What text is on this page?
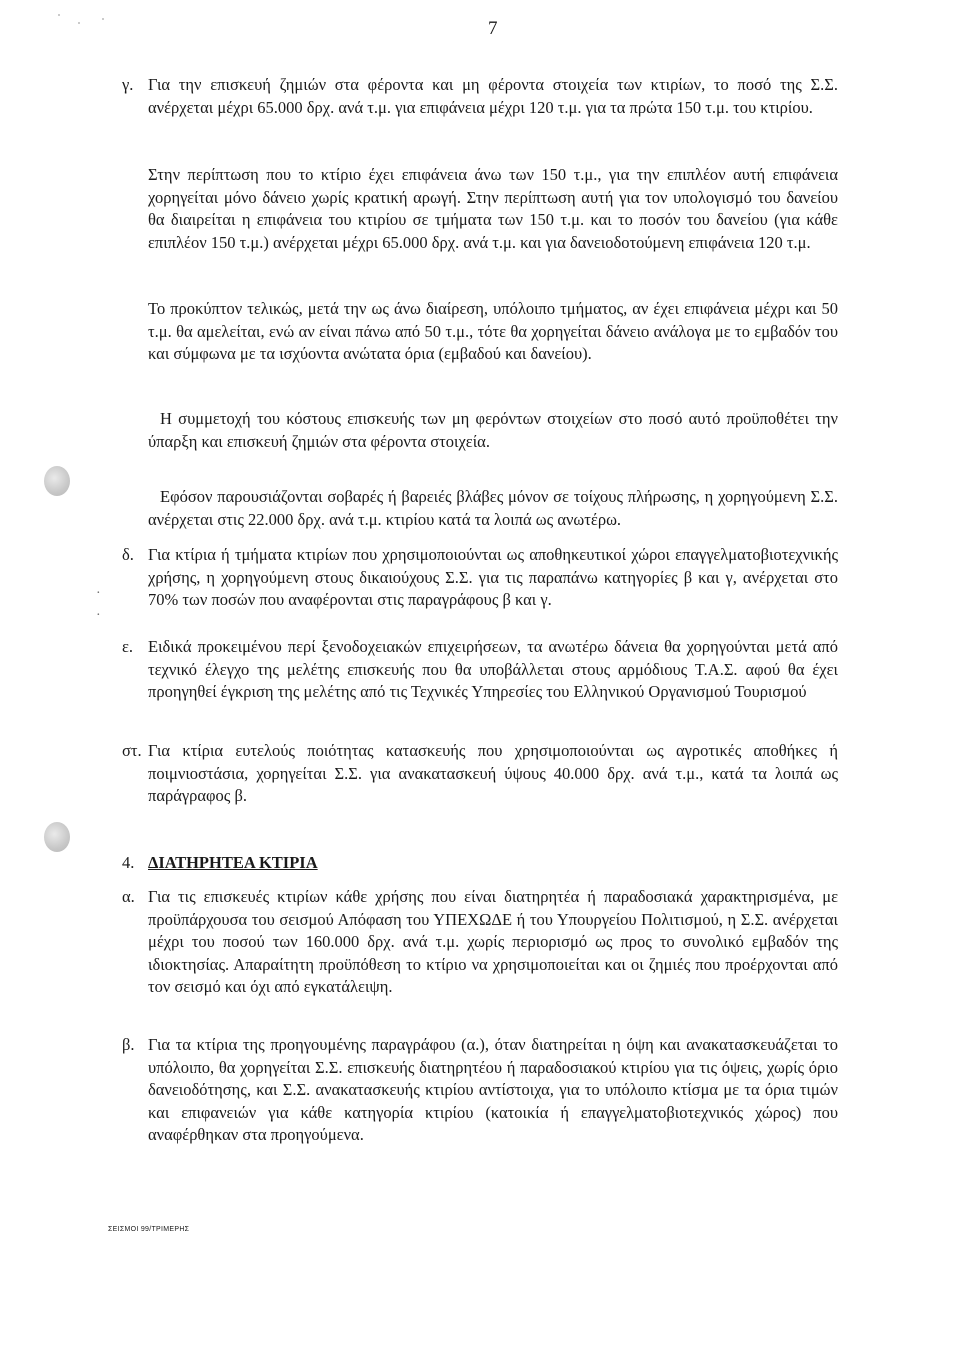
·
·
7
γ. Για την επισκευή ζημιών στα φέροντα και μη φέροντα στοιχεία των κτιρίων, το ποσό της Σ.Σ. ανέρχεται μέχρι 65.000 δρχ. ανά τ.μ. για επιφάνεια μέχρι 120 τ.μ. για τα πρώτα 150 τ.μ. του κτιρίου.

Στην περίπτωση που το κτίριο έχει επιφάνεια άνω των 150 τ.μ., για την επιπλέον αυτή επιφάνεια χορηγείται μόνο δάνειο χωρίς κρατική αρωγή. Στην περίπτωση αυτή για τον υπολογισμό του δανείου θα διαιρείται η επιφάνεια του κτιρίου σε τμήματα των 150 τ.μ. και το ποσόν του δανείου (για κάθε επιπλέον 150 τ.μ.) ανέρχεται μέχρι 65.000 δρχ. ανά τ.μ. και για δανειοδοτούμενη επιφάνεια 120 τ.μ.

Το προκύπτον τελικώς, μετά την ως άνω διαίρεση, υπόλοιπο τμήματος, αν έχει επιφάνεια μέχρι και 50 τ.μ. θα αμελείται, ενώ αν είναι πάνω από 50 τ.μ., τότε θα χορηγείται δάνειο ανάλογα με το εμβαδόν του και σύμφωνα με τα ισχύοντα ανώτατα όρια (εμβαδού και δανείου).

Η συμμετοχή του κόστους επισκευής των μη φερόντων στοιχείων στο ποσό αυτό προϋποθέτει την ύπαρξη και επισκευή ζημιών στα φέροντα στοιχεία.

Εφόσον παρουσιάζονται σοβαρές ή βαρειές βλάβες μόνον σε τοίχους πλήρωσης, η χορηγούμενη Σ.Σ. ανέρχεται στις 22.000 δρχ. ανά τ.μ. κτιρίου κατά τα λοιπά ως ανωτέρω.

δ. Για κτίρια ή τμήματα κτιρίων που χρησιμοποιούνται ως αποθηκευτικοί χώροι επαγγελματοβιοτεχνικής χρήσης, η χορηγούμενη στους δικαιούχους Σ.Σ. για τις παραπάνω κατηγορίες β και γ, ανέρχεται στο 70% των ποσών που αναφέρονται στις παραγράφους β και γ.

ε. Ειδικά προκειμένου περί ξενοδοχειακών επιχειρήσεων, τα ανωτέρω δάνεια θα χορηγούνται μετά από τεχνικό έλεγχο της μελέτης επισκευής που θα υποβάλλεται στους αρμόδιους Τ.Α.Σ. αφού θα έχει προηγηθεί έγκριση της μελέτης από τις Τεχνικές Υπηρεσίες του Ελληνικού Οργανισμού Τουρισμού

στ. Για κτίρια ευτελούς ποιότητας κατασκευής που χρησιμοποιούνται ως αγροτικές αποθήκες ή ποιμνιοστάσια, χορηγείται Σ.Σ. για ανακατασκευή ύψους 40.000 δρχ. ανά τ.μ., κατά τα λοιπά ως παράγραφος β.

4. ΔΙΑΤΗΡΗΤΕΑ ΚΤΙΡΙΑ
α. Για τις επισκευές κτιρίων κάθε χρήσης που είναι διατηρητέα ή παραδοσιακά χαρακτηρισμένα, με προϋπάρχουσα του σεισμού Απόφαση του ΥΠΕΧΩΔΕ ή του Υπουργείου Πολιτισμού, η Σ.Σ. ανέρχεται μέχρι του ποσού των 160.000 δρχ. ανά τ.μ. χωρίς περιορισμό ως προς το συνολικό εμβαδόν της ιδιοκτησίας. Απαραίτητη προϋπόθεση το κτίριο να χρησιμοποιείται και οι ζημιές που προέρχονται από τον σεισμό και όχι από εγκατάλειψη.

β. Για τα κτίρια της προηγουμένης παραγράφου (α.), όταν διατηρείται η όψη και ανακατασκευάζεται το υπόλοιπο, θα χορηγείται Σ.Σ. επισκευής διατηρητέου ή παραδοσιακού κτιρίου για τις όψεις, χωρίς όριο δανειοδότησης, και Σ.Σ. ανακατασκευής κτιρίου αντίστοιχα, για το υπόλοιπο κτίσμα με τα όρια τιμών και επιφανειών για κάθε κατηγορία κτιρίου (κατοικία ή επαγγελματοβιοτεχνικός χώρος) που αναφέρθηκαν στα προηγούμενα.

ΣΕΙΣΜΟΙ 99/ΤΡΙΜΕΡΗΣ
